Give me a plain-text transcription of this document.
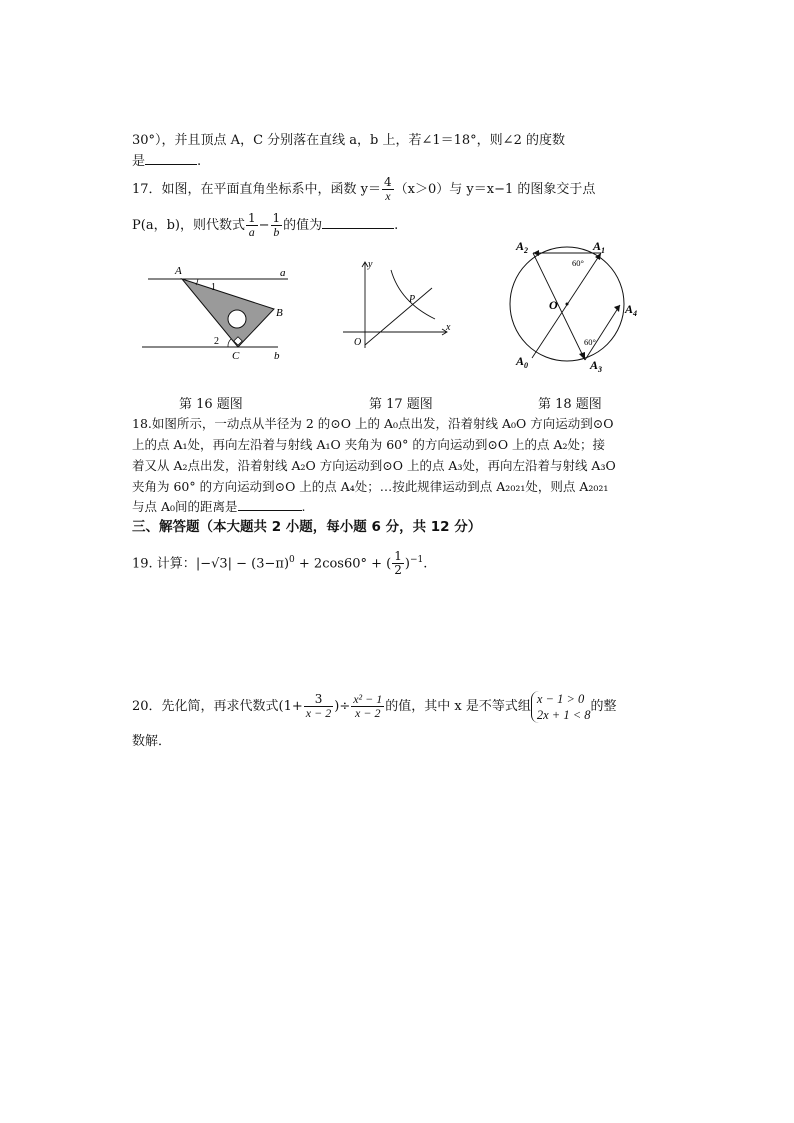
30°），并且顶点 A，C 分别落在直线 a，b 上，若∠1＝18°，则∠2 的度数
是	.
17．如图，在平面直角坐标系中，函数 $y= \frac{4}{x} (x>0)$与 y＝x−1 的图象交于点
P(a，b)，则代数式 $\frac{1}{a} - \frac{1}{b}$ 的值为	.
A	a
1
B
2
C	b
第 16 题图
y
x
O
P
第 17 题图
$A_2$	$A_1$
O	$A_4$
$A_0$	$A_3$
60°
60°
第 18 题图
18.如图所示，一动点从半径为 2 的⊙O 上的 A₀点出发，沿着射线 A₀O 方向运动到⊙O
上的点 A₁处，再向左沿着与射线 A₁O 夹角为 60° 的方向运动到⊙O 上的点 A₂处；接
着又从 A₂点出发，沿着射线 A₂O 方向运动到⊙O 上的点 A₃处，再向左沿着与射线 A₃O
夹角为 60° 的方向运动到⊙O 上的点 A₄处；…按此规律运动到点 A₂₀₂₁处，则点 A₂₀₂₁
与点 A₀间的距离是	.
三、解答题（本大题共 2 小题，每小题 6 分，共 12 分）
19. 计算：$|-√3| - (3-\pi)^0 + 2\cos 60^\circ$ + ( $\frac{1}{2} )^{-1}$.
20．先化简，再求代数式($1+ \frac{3}{x - 2}$ )÷ $\frac{\text{x² − 1}}{x - 2}$ 的值，其中 x 是不等式组
x − 1 > 0
2x + 1 < 8
的整
数解．
